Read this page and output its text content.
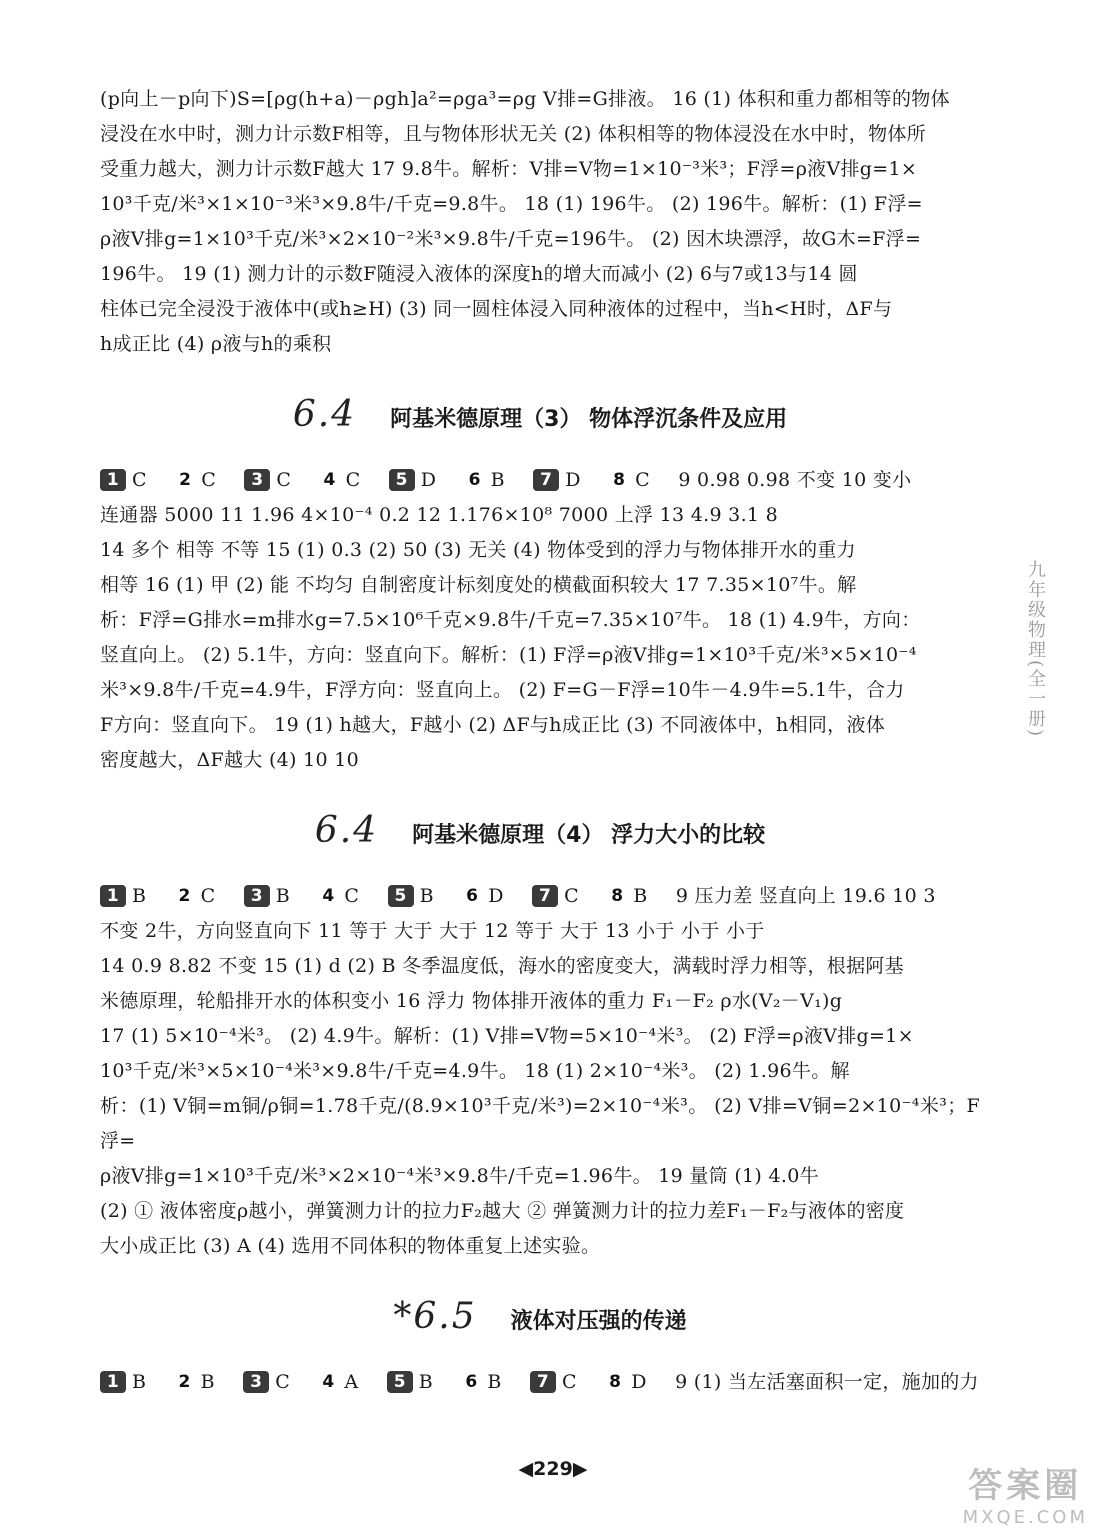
(p向上－p向下)S=[ρg(h+a)－ρgh]a²=ρga³=ρg V排=G排液。 16 (1) 体积和重力都相等的物体

浸没在水中时，测力计示数F相等，且与物体形状无关 (2) 体积相等的物体浸没在水中时，物体所

受重力越大，测力计示数F越大 17 9.8牛。解析：V排=V物=1×10⁻³米³；F浮=ρ液V排g=1×

10³千克/米³×1×10⁻³米³×9.8牛/千克=9.8牛。 18 (1) 196牛。 (2) 196牛。解析：(1) F浮=

ρ液V排g=1×10³千克/米³×2×10⁻²米³×9.8牛/千克=196牛。 (2) 因木块漂浮，故G木=F浮=

196牛。 19 (1) 测力计的示数F随浸入液体的深度h的增大而减小 (2) 6与7或13与14 圆

柱体已完全浸没于液体中(或h≥H) (3) 同一圆柱体浸入同种液体的过程中，当h<H时，ΔF与

h成正比 (4) ρ液与h的乘积

6.4 阿基米德原理（3） 物体浮沉条件及应用

1 C 2 C 3 C 4 C 5 D 6 B 7 D 8 C 9 0.98 0.98 不变 10 变小

连通器 5000 11 1.96 4×10⁻⁴ 0.2 12 1.176×10⁸ 7000 上浮 13 4.9 3.1 8

14 多个 相等 不等 15 (1) 0.3 (2) 50 (3) 无关 (4) 物体受到的浮力与物体排开水的重力

相等 16 (1) 甲 (2) 能 不均匀 自制密度计标刻度处的横截面积较大 17 7.35×10⁷牛。解

析：F浮=G排水=m排水g=7.5×10⁶千克×9.8牛/千克=7.35×10⁷牛。 18 (1) 4.9牛，方向：

竖直向上。 (2) 5.1牛，方向：竖直向下。解析：(1) F浮=ρ液V排g=1×10³千克/米³×5×10⁻⁴

米³×9.8牛/千克=4.9牛，F浮方向：竖直向上。 (2) F=G－F浮=10牛－4.9牛=5.1牛，合力

F方向：竖直向下。 19 (1) h越大，F越小 (2) ΔF与h成正比 (3) 不同液体中，h相同，液体

密度越大，ΔF越大 (4) 10 10

6.4 阿基米德原理（4） 浮力大小的比较

1 B 2 C 3 B 4 C 5 B 6 D 7 C 8 B 9 压力差 竖直向上 19.6 10 3

不变 2牛，方向竖直向下 11 等于 大于 大于 12 等于 大于 13 小于 小于 小于

14 0.9 8.82 不变 15 (1) d (2) B 冬季温度低，海水的密度变大，满载时浮力相等，根据阿基

米德原理，轮船排开水的体积变小 16 浮力 物体排开液体的重力 F₁－F₂ ρ水(V₂－V₁)g

17 (1) 5×10⁻⁴米³。 (2) 4.9牛。解析：(1) V排=V物=5×10⁻⁴米³。 (2) F浮=ρ液V排g=1×

10³千克/米³×5×10⁻⁴米³×9.8牛/千克=4.9牛。 18 (1) 2×10⁻⁴米³。 (2) 1.96牛。解

析：(1) V铜=m铜/ρ铜=1.78千克/(8.9×10³千克/米³)=2×10⁻⁴米³。 (2) V排=V铜=2×10⁻⁴米³；F浮=

ρ液V排g=1×10³千克/米³×2×10⁻⁴米³×9.8牛/千克=1.96牛。 19 量筒 (1) 4.0牛

(2) ① 液体密度ρ越小，弹簧测力计的拉力F₂越大 ② 弹簧测力计的拉力差F₁－F₂与液体的密度

大小成正比 (3) A (4) 选用不同体积的物体重复上述实验。

*6.5 液体对压强的传递

1 B 2 B 3 C 4 A 5 B 6 B 7 C 8 D 9 (1) 当左活塞面积一定，施加的力

九年级物理(全一册)
◀229▶	答案圈
MXQE.COM
